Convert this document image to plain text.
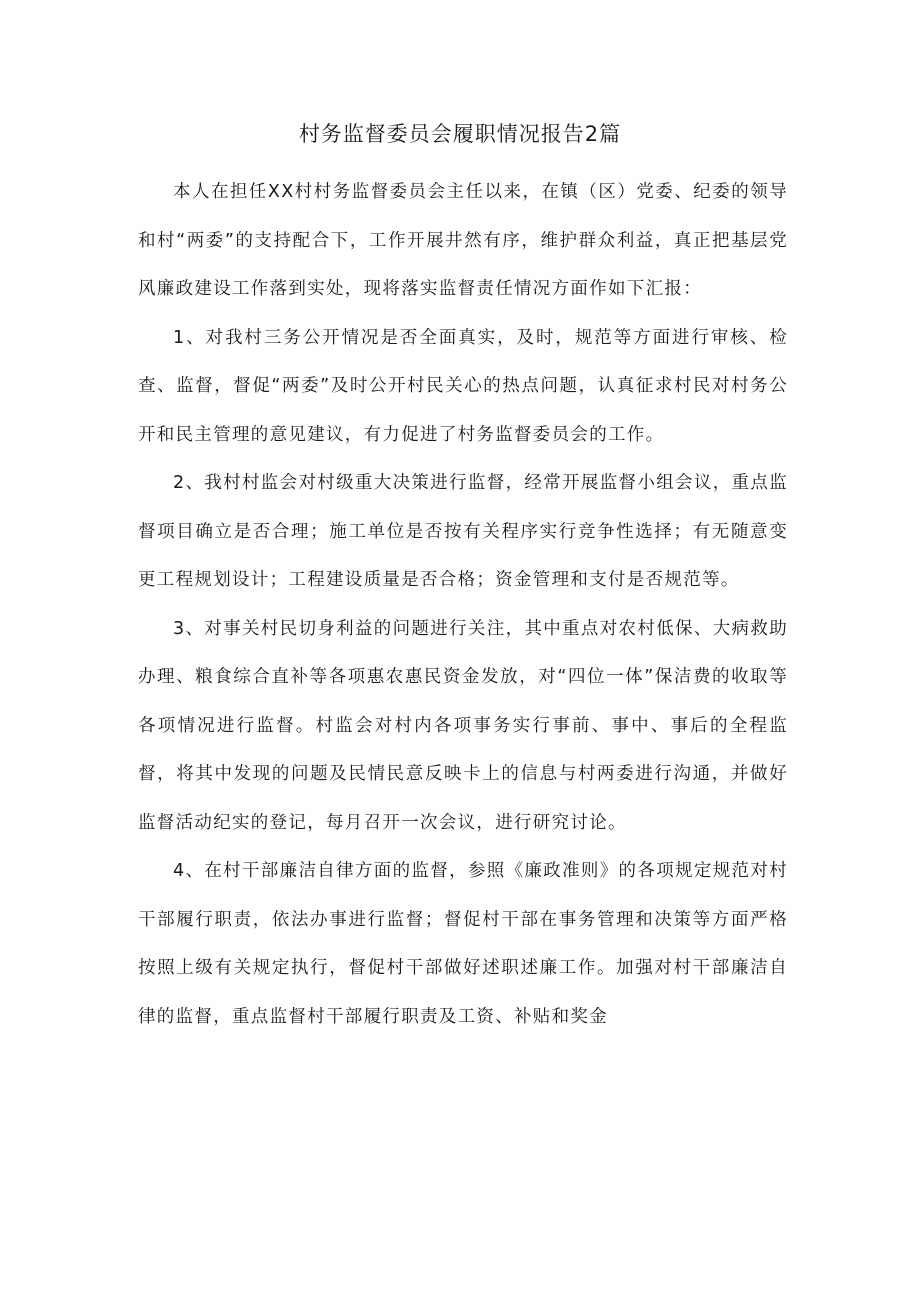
村务监督委员会履职情况报告2篇

本人在担任XX村村务监督委员会主任以来，在镇（区）党委、纪委的领导和村“两委”的支持配合下，工作开展井然有序，维护群众利益，真正把基层党风廉政建设工作落到实处，现将落实监督责任情况方面作如下汇报：

1、对我村三务公开情况是否全面真实，及时，规范等方面进行审核、检查、监督，督促“两委”及时公开村民关心的热点问题，认真征求村民对村务公开和民主管理的意见建议，有力促进了村务监督委员会的工作。

2、我村村监会对村级重大决策进行监督，经常开展监督小组会议，重点监督项目确立是否合理；施工单位是否按有关程序实行竞争性选择；有无随意变更工程规划设计；工程建设质量是否合格；资金管理和支付是否规范等。

3、对事关村民切身利益的问题进行关注，其中重点对农村低保、大病救助办理、粮食综合直补等各项惠农惠民资金发放，对“四位一体”保洁费的收取等各项情况进行监督。村监会对村内各项事务实行事前、事中、事后的全程监督，将其中发现的问题及民情民意反映卡上的信息与村两委进行沟通，并做好监督活动纪实的登记，每月召开一次会议，进行研究讨论。

4、在村干部廉洁自律方面的监督，参照《廉政准则》的各项规定规范对村干部履行职责，依法办事进行监督；督促村干部在事务管理和决策等方面严格按照上级有关规定执行，督促村干部做好述职述廉工作。加强对村干部廉洁自律的监督，重点监督村干部履行职责及工资、补贴和奖金
